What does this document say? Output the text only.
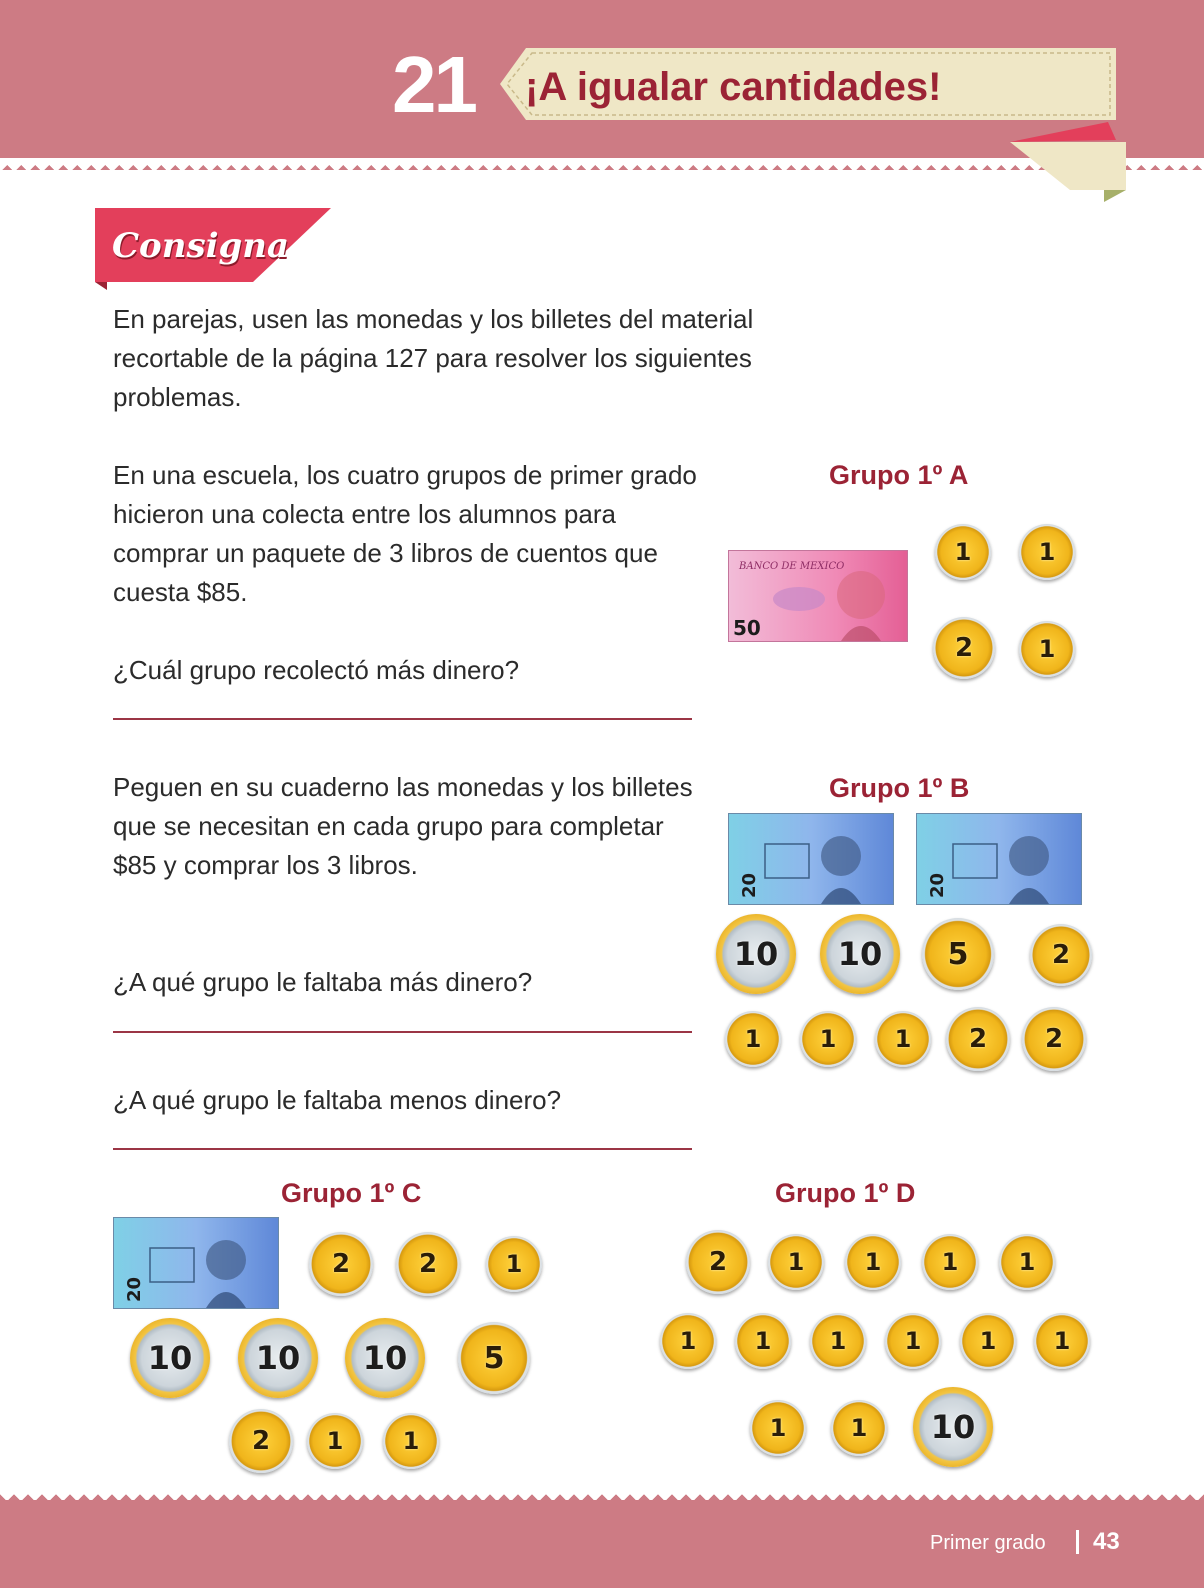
21 ¡A igualar cantidades!
Consigna

En parejas, usen las monedas y los billetes del material recortable de la página 127 para resolver los siguientes problemas.

En una escuela, los cuatro grupos de primer grado hicieron una colecta entre los alumnos para comprar un paquete de 3 libros de cuentos que cuesta $85.

¿Cuál grupo recolectó más dinero?

Peguen en su cuaderno las monedas y los billetes que se necesitan en cada grupo para completar $85 y comprar los 3 libros.

¿A qué grupo le faltaba más dinero?

¿A qué grupo le faltaba menos dinero?

Grupo 1º A
50
BANCO DE MEXICO
1	1
2	1
Grupo 1º B
20	20
10 10 5	2
1 1 1 2 2
Grupo 1º C
20
2	2	1
10 10 10	5
2 1 1
Grupo 1º D
2	1	1	1	1
1 1 1 1 1 1
1	1 10
Primer grado 43
